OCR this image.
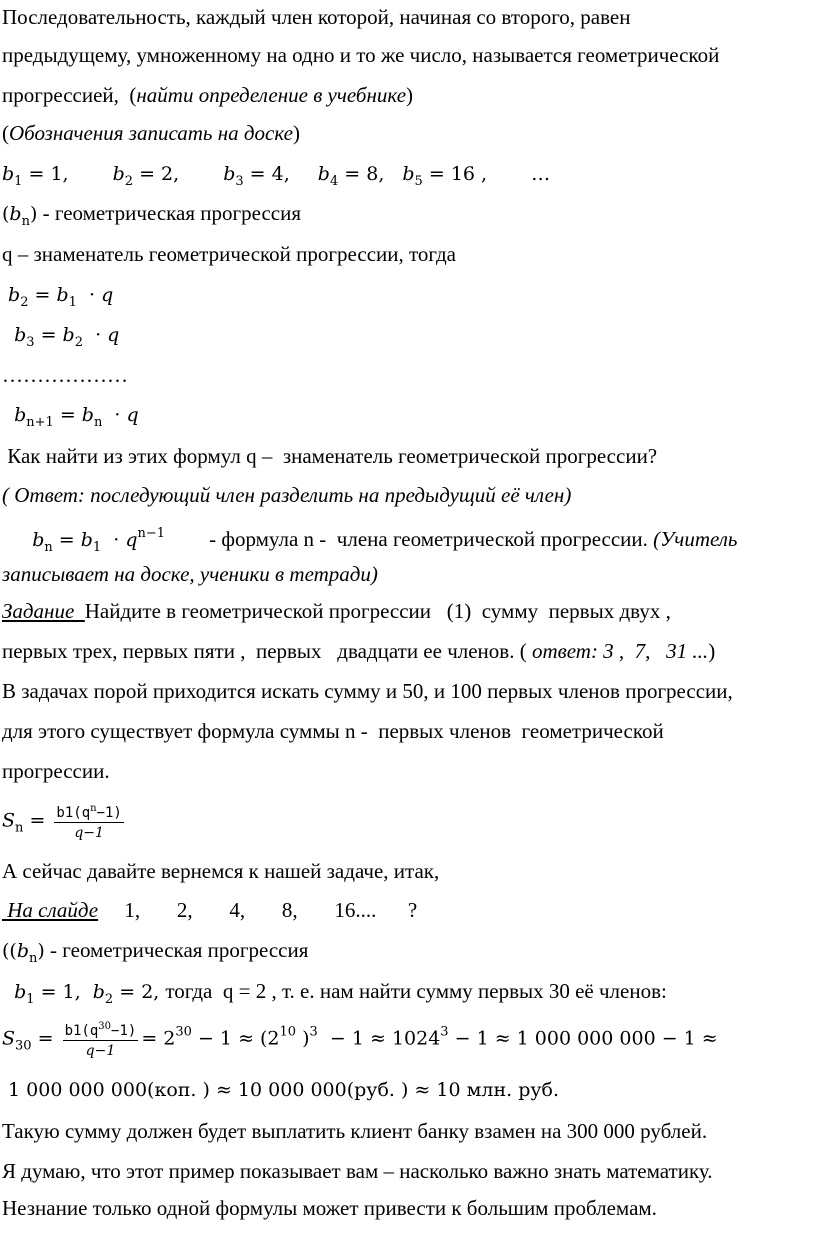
Последовательность, каждый член которой, начиная со второго, равен
предыдущему, умноженному на одно и то же число, называется геометрической
прогрессией,  (найти определение в учебнике)
(Обозначения записать на доске)
$b_1 = 1$, $b_2 = 2$, $b_3 = 4$, $b_4 = 8$, $b_5 = 16$ , …
$(b_n)$ - геометрическая прогрессия
q – знаменатель геометрической прогрессии, тогда
$b_2 = b_1 \cdot q$
$b_3 = b_2 \cdot q$
………………
$b_{n+1} = b_n \cdot q$
Как найти из этих формул q –  знаменатель геометрической прогрессии?
( Ответ: последующий член разделить на предыдущий её член)
$b_n = b_1 \cdot q^{n-1}$ - формула n -  члена геометрической прогрессии. (Учитель
записывает на доске, ученики в тетради)
Задание  Найдите в геометрической прогрессии   (1)  сумму  первых двух ,
первых трех, первых пяти ,  первых   двадцати ее членов. ( ответ: 3 ,  7,   31 ...)
В задачах порой приходится искать сумму и 50, и 100 первых членов прогрессии,
для этого существует формула суммы n -  первых членов  геометрической
прогрессии.
$S_n = \frac{b1(q^n-1)}{q-1}$
А сейчас давайте вернемся к нашей задаче, итак,
На слайде     1,       2,       4,       8,       16....      ?
($(b_n)$ - геометрическая прогрессия
$b_1 = 1$,  $b_2 = 2$, тогда  q = 2 , т. е. нам найти сумму первых 30 её членов:
$S_{30} = \frac{b1(q^{30}-1)}{q-1} = 2^{30} - 1 \approx (2^{10}$ )$^3 - 1 \approx 1024^3 - 1 \approx 1$ 000 000 000 − 1 ≈
1 000 000 000(коп. ) ≈ 10 000 000(руб. ) ≈ 10 млн. руб.
Такую сумму должен будет выплатить клиент банку взамен на 300 000 рублей.
Я думаю, что этот пример показывает вам – насколько важно знать математику.
Незнание только одной формулы может привести к большим проблемам.
